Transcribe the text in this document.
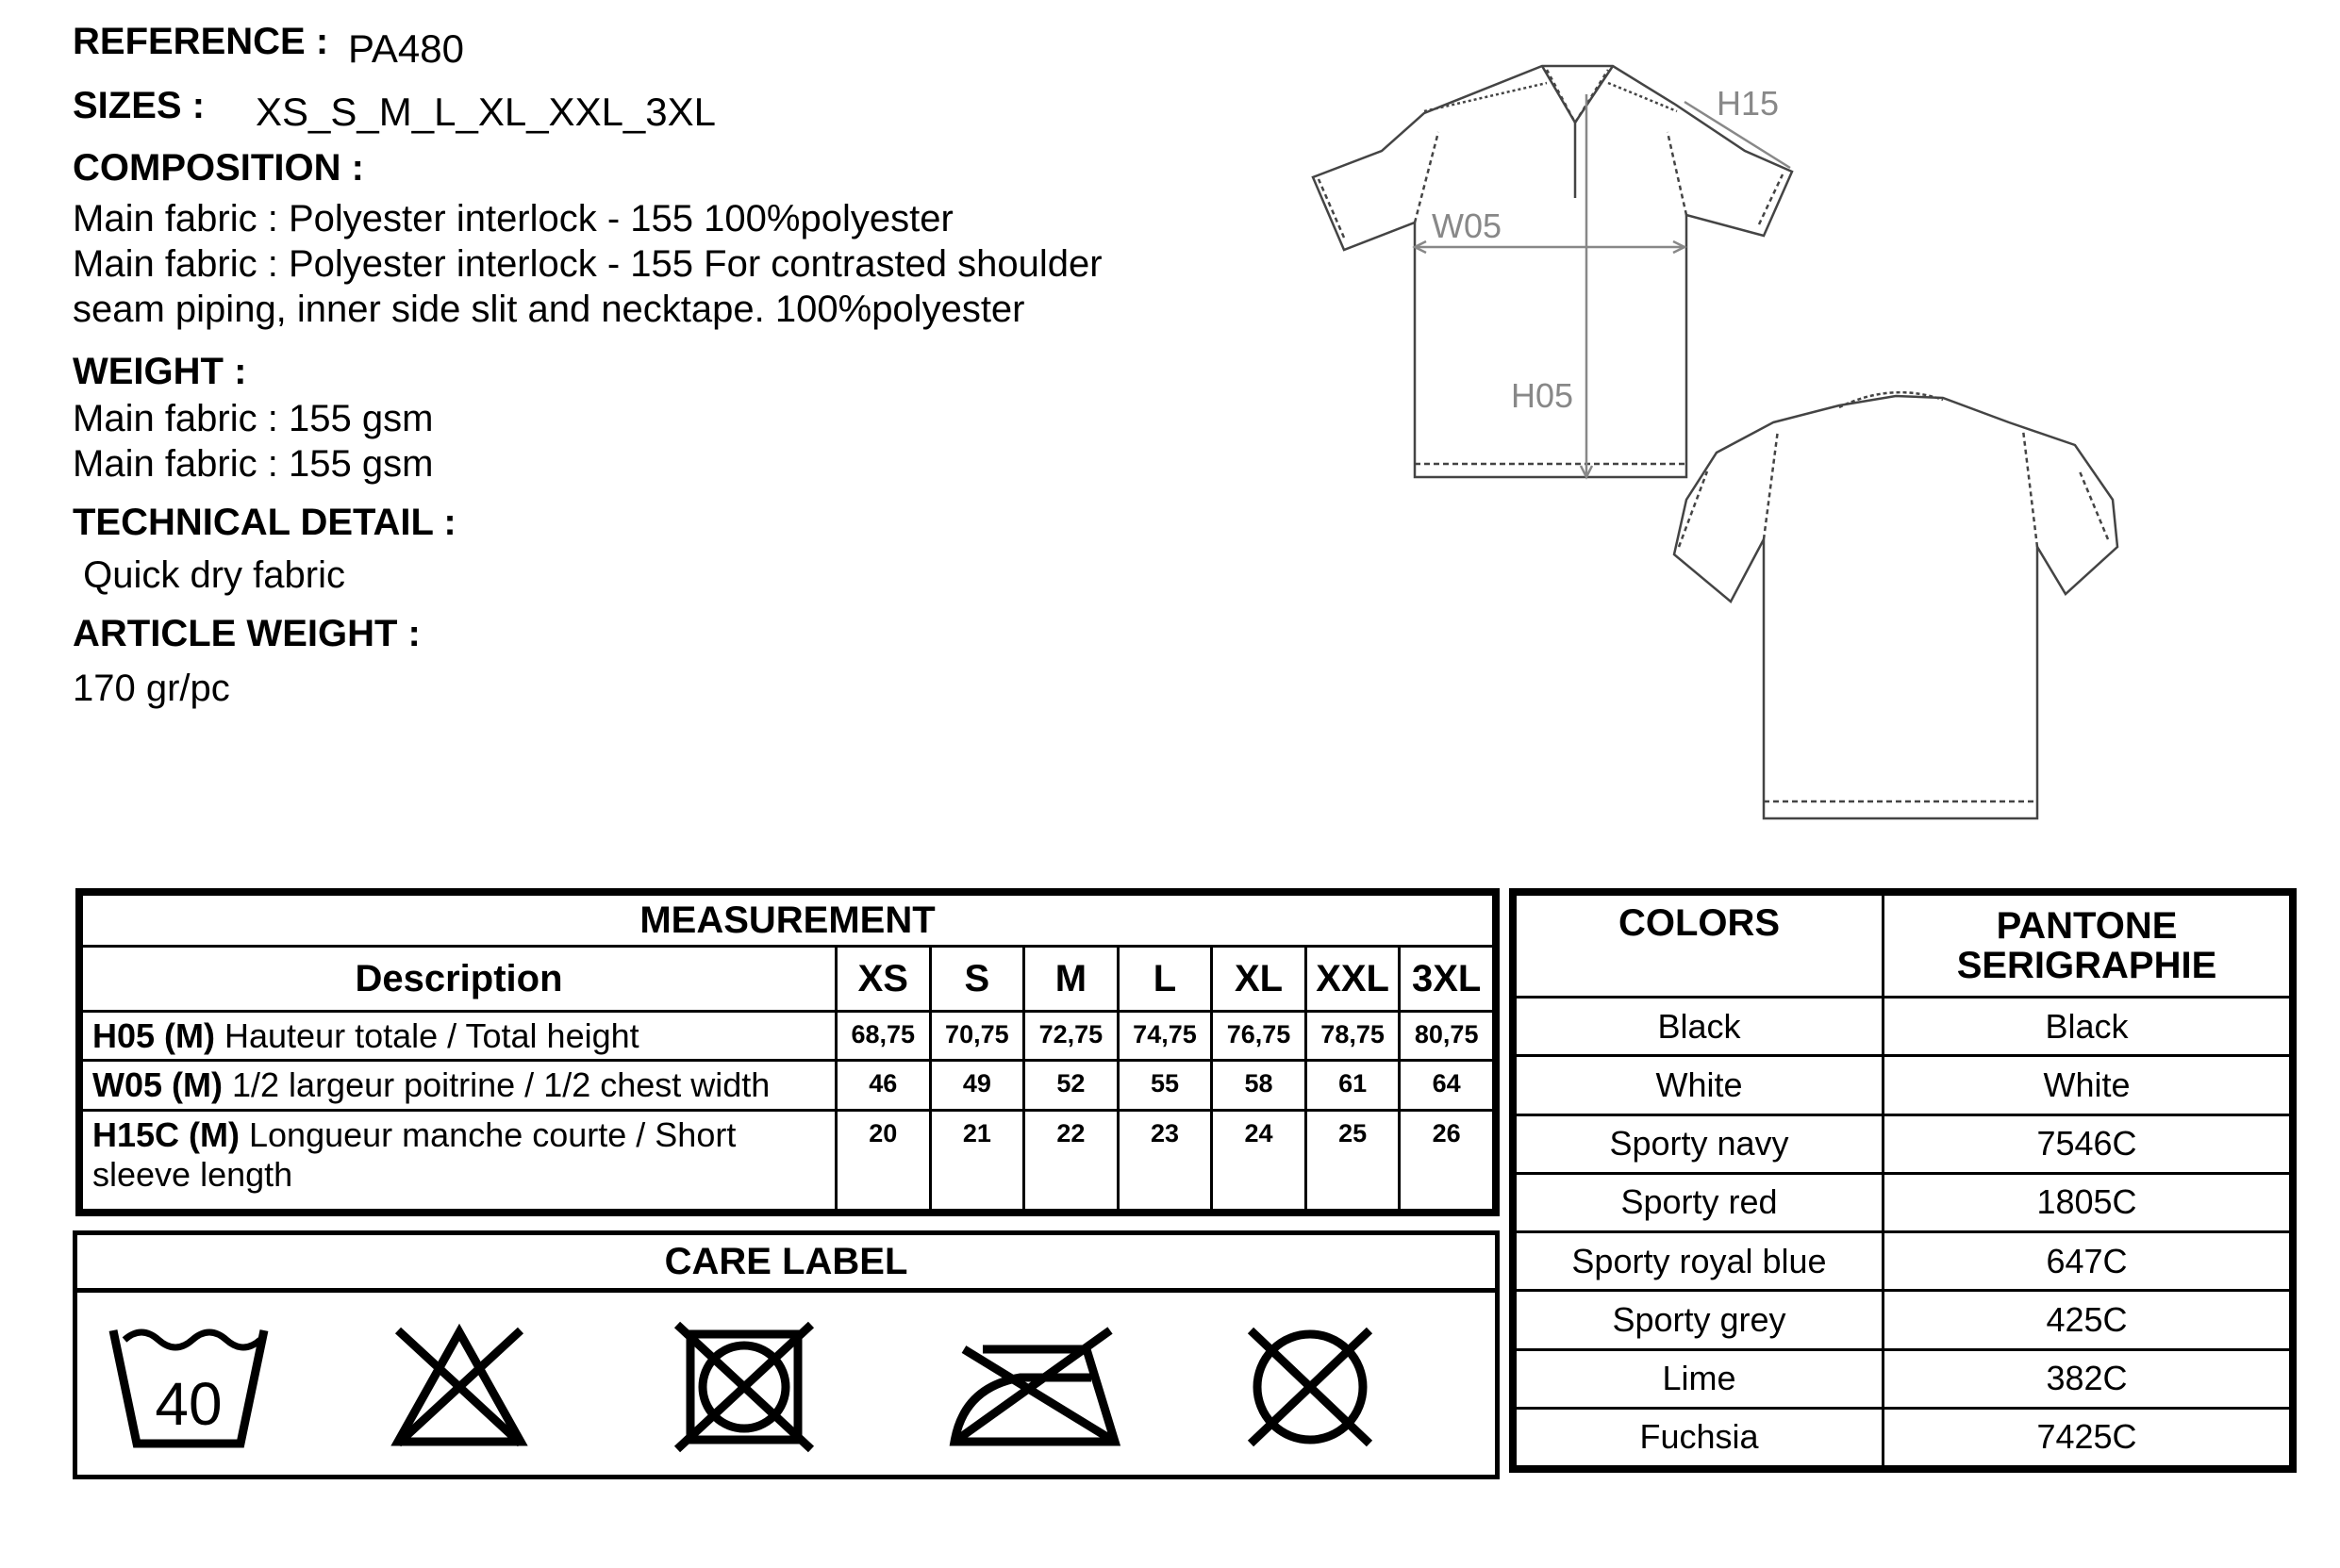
REFERENCE : PA480
SIZES : XS_S_M_L_XL_XXL_3XL
COMPOSITION :
Main fabric : Polyester interlock - 155 100%polyester
Main fabric : Polyester interlock - 155 For contrasted shoulder
seam piping, inner side slit and necktape. 100%polyester
WEIGHT :
Main fabric : 155 gsm
Main fabric : 155 gsm
TECHNICAL DETAIL :
Quick dry fabric
ARTICLE WEIGHT :
170 gr/pc
H15
W05
H05
MEASUREMENT							
Description	XS	S	M	L	XL	XXL	3XL
H05 (M) Hauteur totale / Total height	68,75	70,75	72,75	74,75	76,75	78,75	80,75
W05 (M) 1/2 largeur poitrine / 1/2 chest width	46	49	52	55	58	61	64
H15C (M) Longueur manche courte / Short sleeve length	20	21	22	23	24	25	26
CARE LABEL
40
COLORS	PANTONE
SERIGRAPHIE

Black	Black
White	White
Sporty navy	7546C
Sporty red	1805C
Sporty royal blue	647C
Sporty grey	425C
Lime	382C
Fuchsia	7425C
